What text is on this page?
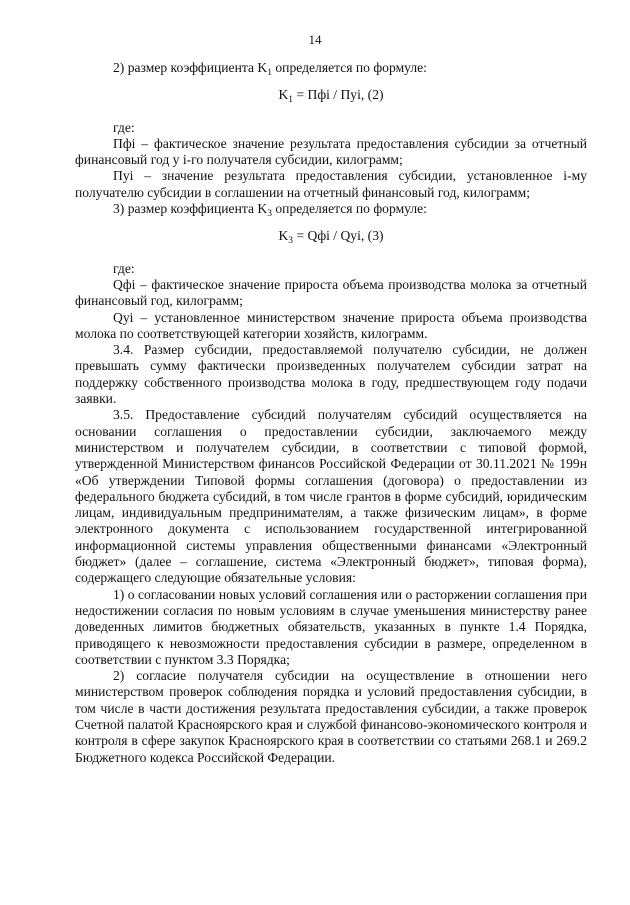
14

2) размер коэффициента $K_1$ определяется по формуле:

$K_1$ = Пфі / Пуі, (2)

где:

Пфі – фактическое значение результата предоставления субсидии за отчетный финансовый год у і-го получателя субсидии, килограмм;

Пуі – значение результата предоставления субсидии, установленное і-му получателю субсидии в соглашении на отчетный финансовый год, килограмм;

3) размер коэффициента $K_3$ определяется по формуле:

$K_3$ = Qфі / Qуі, (3)

где:

Qфі – фактическое значение прироста объема производства молока за отчетный финансовый год, килограмм;

Qуі – установленное министерством значение прироста объема производства молока по соответствующей категории хозяйств, килограмм.

3.4. Размер субсидии, предоставляемой получателю субсидии, не должен превышать сумму фактически произведенных получателем субсидии затрат на поддержку собственного производства молока в году, предшествующем году подачи заявки.

3.5. Предоставление субсидий получателям субсидий осуществляется на основании соглашения о предоставлении субсидии, заключаемого между министерством и получателем субсидии, в соответствии с типовой формой, утвержденной Министерством финансов Российской Федерации от 30.11.2021 № 199н «Об утверждении Типовой формы соглашения (договора) о предоставлении из федерального бюджета субсидий, в том числе грантов в форме субсидий, юридическим лицам, индивидуальным предпринимателям, а также физическим лицам», в форме электронного документа с использованием государственной интегрированной информационной системы управления общественными финансами «Электронный бюджет» (далее – соглашение, система «Электронный бюджет», типовая форма), содержащего следующие обязательные условия:

1) о согласовании новых условий соглашения или о расторжении соглашения при недостижении согласия по новым условиям в случае уменьшения министерству ранее доведенных лимитов бюджетных обязательств, указанных в пункте 1.4 Порядка, приводящего к невозможности предоставления субсидии в размере, определенном в соответствии с пунктом 3.3 Порядка;

2) согласие получателя субсидии на осуществление в отношении него министерством проверок соблюдения порядка и условий предоставления субсидии, в том числе в части достижения результата предоставления субсидии, а также проверок Счетной палатой Красноярского края и службой финансово-экономического контроля и контроля в сфере закупок Красноярского края в соответствии со статьями 268.1 и 269.2 Бюджетного кодекса Российской Федерации.
